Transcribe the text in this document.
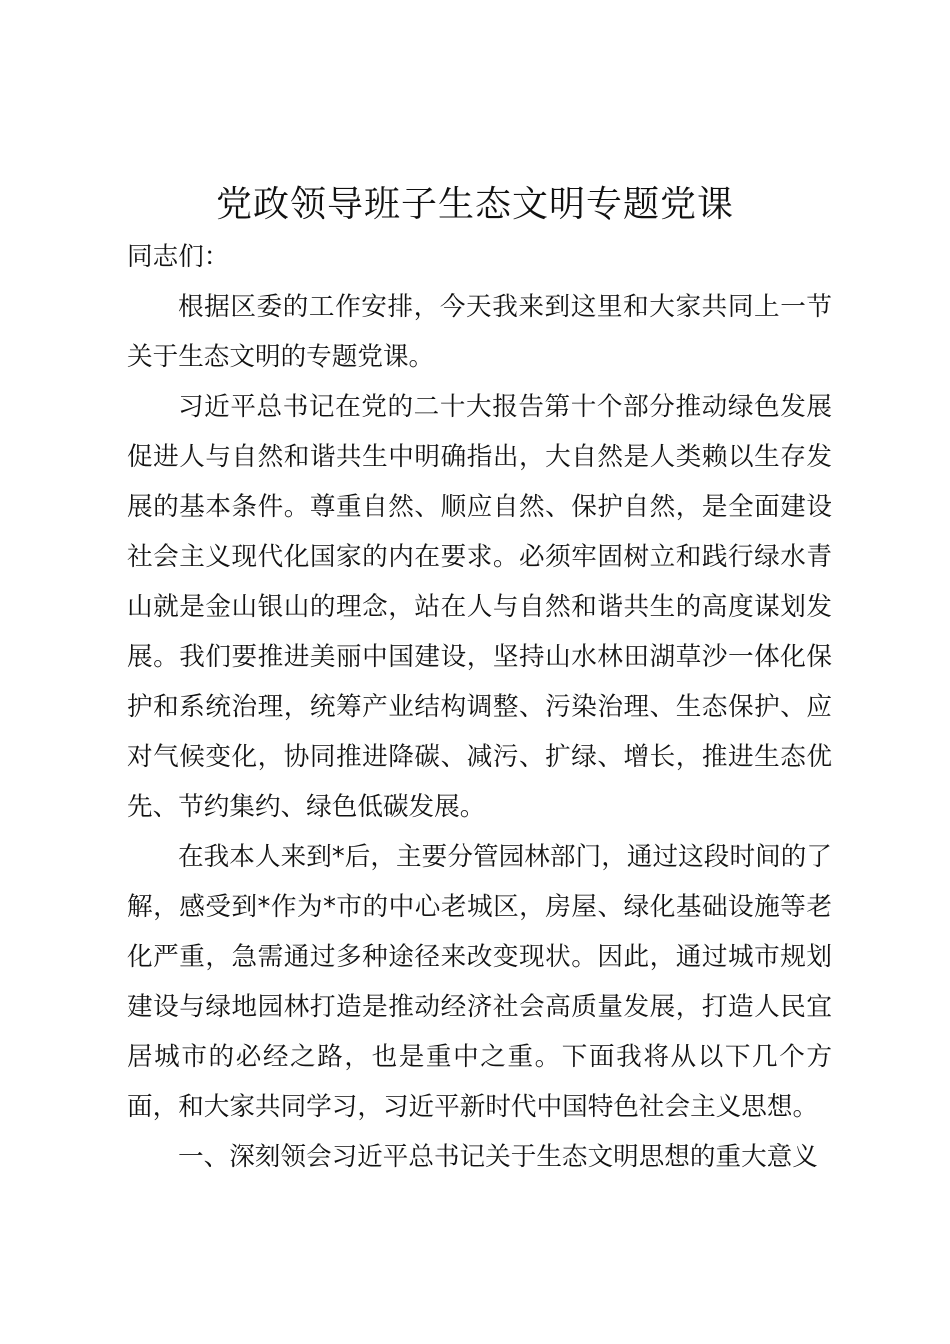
党政领导班子生态文明专题党课

同志们：

根据区委的工作安排，今天我来到这里和大家共同上一节关于生态文明的专题党课。

习近平总书记在党的二十大报告第十个部分推动绿色发展促进人与自然和谐共生中明确指出，大自然是人类赖以生存发展的基本条件。尊重自然、顺应自然、保护自然，是全面建设社会主义现代化国家的内在要求。必须牢固树立和践行绿水青山就是金山银山的理念，站在人与自然和谐共生的高度谋划发展。我们要推进美丽中国建设，坚持山水林田湖草沙一体化保护和系统治理，统筹产业结构调整、污染治理、生态保护、应对气候变化，协同推进降碳、减污、扩绿、增长，推进生态优先、节约集约、绿色低碳发展。

在我本人来到*后，主要分管园林部门，通过这段时间的了解，感受到*作为*市的中心老城区，房屋、绿化基础设施等老化严重，急需通过多种途径来改变现状。因此，通过城市规划建设与绿地园林打造是推动经济社会高质量发展，打造人民宜居城市的必经之路，也是重中之重。下面我将从以下几个方面，和大家共同学习，习近平新时代中国特色社会主义思想。

一、深刻领会习近平总书记关于生态文明思想的重大意义
